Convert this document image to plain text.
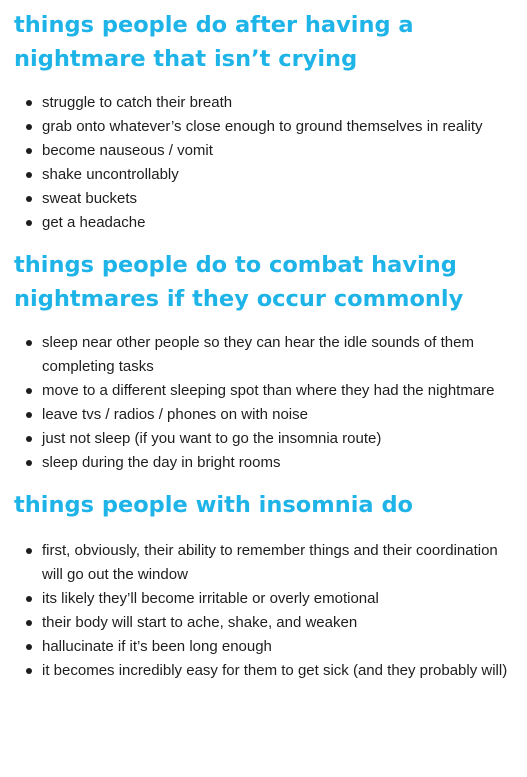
things people do after having a nightmare that isn’t crying
struggle to catch their breath
grab onto whatever’s close enough to ground themselves in reality
become nauseous / vomit
shake uncontrollably
sweat buckets
get a headache
things people do to combat having nightmares if they occur commonly
sleep near other people so they can hear the idle sounds of them completing tasks
move to a different sleeping spot than where they had the nightmare
leave tvs / radios / phones on with noise
just not sleep (if you want to go the insomnia route)
sleep during the day in bright rooms
things people with insomnia do
first, obviously, their ability to remember things and their coordination will go out the window
its likely they’ll become irritable or overly emotional
their body will start to ache, shake, and weaken
hallucinate if it’s been long enough
it becomes incredibly easy for them to get sick (and they probably will)
